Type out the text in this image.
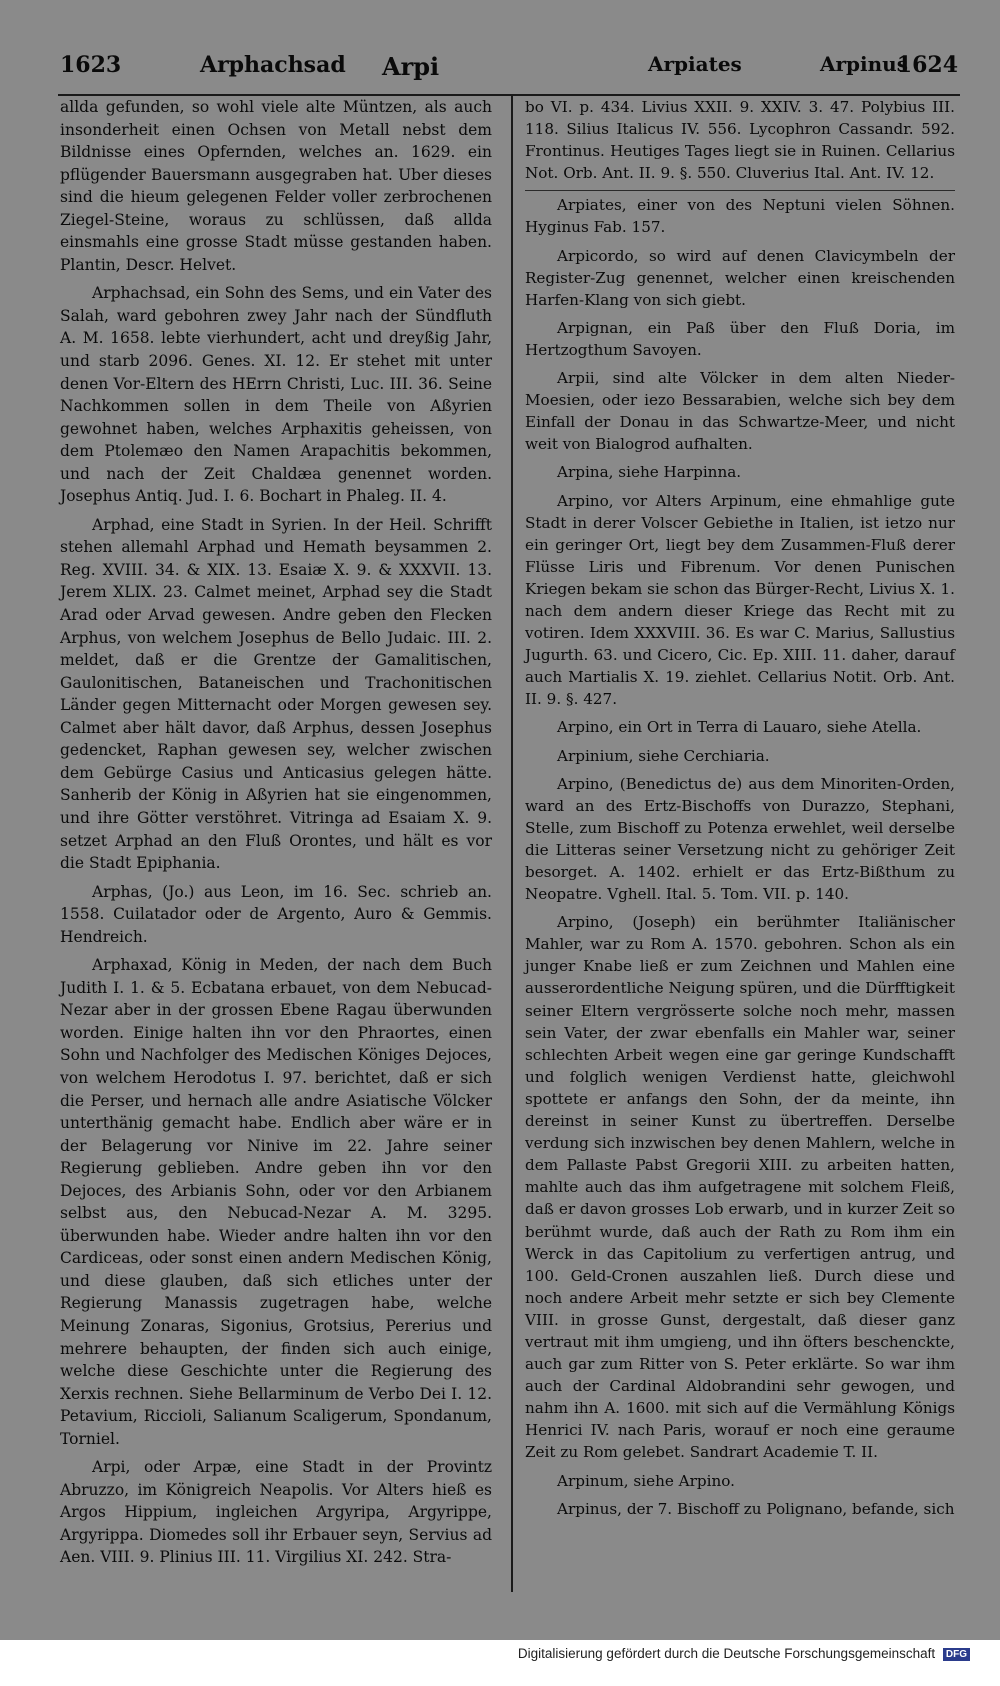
1623	Arphachsad Arpi	Arpiates	Arpinus
1624

allda gefunden, so wohl viele alte Müntzen, als auch insonderheit einen Ochsen von Metall nebst dem Bildnisse eines Opfernden, welches an. 1629. ein pflügender Bauersmann ausgegraben hat. Uber dieses sind die hieum gelegenen Felder voller zerbrochenen Ziegel-Steine, woraus zu schlüssen, daß allda einsmahls eine grosse Stadt müsse gestanden haben. Plantin, Descr. Helvet.

Arphachsad, ein Sohn des Sems, und ein Vater des Salah, ward gebohren zwey Jahr nach der Sündfluth A. M. 1658. lebte vierhundert, acht und dreyßig Jahr, und starb 2096. Genes. XI. 12. Er stehet mit unter denen Vor-Eltern des HErrn Christi, Luc. III. 36. Seine Nachkommen sollen in dem Theile von Aßyrien gewohnet haben, welches Arphaxitis geheissen, von dem Ptolemæo den Namen Arapachitis bekommen, und nach der Zeit Chaldæa genennet worden. Josephus Antiq. Jud. I. 6. Bochart in Phaleg. II. 4.

Arphad, eine Stadt in Syrien. In der Heil. Schrifft stehen allemahl Arphad und Hemath beysammen 2. Reg. XVIII. 34. & XIX. 13. Esaiæ X. 9. & XXXVII. 13. Jerem XLIX. 23. Calmet meinet, Arphad sey die Stadt Arad oder Arvad gewesen. Andre geben den Flecken Arphus, von welchem Josephus de Bello Judaic. III. 2. meldet, daß er die Grentze der Gamalitischen, Gaulonitischen, Bataneischen und Trachonitischen Länder gegen Mitternacht oder Morgen gewesen sey. Calmet aber hält davor, daß Arphus, dessen Josephus gedencket, Raphan gewesen sey, welcher zwischen dem Gebürge Casius und Anticasius gelegen hätte. Sanherib der König in Aßyrien hat sie eingenommen, und ihre Götter verstöhret. Vitringa ad Esaiam X. 9. setzet Arphad an den Fluß Orontes, und hält es vor die Stadt Epiphania.

Arphas, (Jo.) aus Leon, im 16. Sec. schrieb an. 1558. Cuilatador oder de Argento, Auro & Gemmis. Hendreich.

Arphaxad, König in Meden, der nach dem Buch Judith I. 1. & 5. Ecbatana erbauet, von dem Nebucad-Nezar aber in der grossen Ebene Ragau überwunden worden. Einige halten ihn vor den Phraortes, einen Sohn und Nachfolger des Medischen Königes Dejoces, von welchem Herodotus I. 97. berichtet, daß er sich die Perser, und hernach alle andre Asiatische Völcker unterthänig gemacht habe. Endlich aber wäre er in der Belagerung vor Ninive im 22. Jahre seiner Regierung geblieben. Andre geben ihn vor den Dejoces, des Arbianis Sohn, oder vor den Arbianem selbst aus, den Nebucad-Nezar A. M. 3295. überwunden habe. Wieder andre halten ihn vor den Cardiceas, oder sonst einen andern Medischen König, und diese glauben, daß sich etliches unter der Regierung Manassis zugetragen habe, welche Meinung Zonaras, Sigonius, Grotsius, Pererius und mehrere behaupten, der finden sich auch einige, welche diese Geschichte unter die Regierung des Xerxis rechnen. Siehe Bellarminum de Verbo Dei I. 12. Petavium, Riccioli, Salianum Scaligerum, Spondanum, Torniel.

Arpi, oder Arpæ, eine Stadt in der Provintz Abruzzo, im Königreich Neapolis. Vor Alters hieß es Argos Hippium, ingleichen Argyripa, Argyrippe, Argyrippa. Diomedes soll ihr Erbauer seyn, Servius ad Aen. VIII. 9. Plinius III. 11. Virgilius XI. 242. Stra-

bo VI. p. 434. Livius XXII. 9. XXIV. 3. 47. Polybius III. 118. Silius Italicus IV. 556. Lycophron Cassandr. 592. Frontinus. Heutiges Tages liegt sie in Ruinen. Cellarius Not. Orb. Ant. II. 9. §. 550. Cluverius Ital. Ant. IV. 12.

Arpiates, einer von des Neptuni vielen Söhnen. Hyginus Fab. 157.

Arpicordo, so wird auf denen Clavicymbeln der Register-Zug genennet, welcher einen kreischenden Harfen-Klang von sich giebt.

Arpignan, ein Paß über den Fluß Doria, im Hertzogthum Savoyen.

Arpii, sind alte Völcker in dem alten Nieder-Moesien, oder iezo Bessarabien, welche sich bey dem Einfall der Donau in das Schwartze-Meer, und nicht weit von Bialogrod aufhalten.

Arpina, siehe Harpinna.

Arpino, vor Alters Arpinum, eine ehmahlige gute Stadt in derer Volscer Gebiethe in Italien, ist ietzo nur ein geringer Ort, liegt bey dem Zusammen-Fluß derer Flüsse Liris und Fibrenum. Vor denen Punischen Kriegen bekam sie schon das Bürger-Recht, Livius X. 1. nach dem andern dieser Kriege das Recht mit zu votiren. Idem XXXVIII. 36. Es war C. Marius, Sallustius Jugurth. 63. und Cicero, Cic. Ep. XIII. 11. daher, darauf auch Martialis X. 19. ziehlet. Cellarius Notit. Orb. Ant. II. 9. §. 427.

Arpino, ein Ort in Terra di Lauaro, siehe Atella.

Arpinium, siehe Cerchiaria.

Arpino, (Benedictus de) aus dem Minoriten-Orden, ward an des Ertz-Bischoffs von Durazzo, Stephani, Stelle, zum Bischoff zu Potenza erwehlet, weil derselbe die Litteras seiner Versetzung nicht zu gehöriger Zeit besorget. A. 1402. erhielt er das Ertz-Bißthum zu Neopatre. Vghell. Ital. 5. Tom. VII. p. 140.

Arpino, (Joseph) ein berühmter Italiänischer Mahler, war zu Rom A. 1570. gebohren. Schon als ein junger Knabe ließ er zum Zeichnen und Mahlen eine ausserordentliche Neigung spüren, und die Dürfftigkeit seiner Eltern vergrösserte solche noch mehr, massen sein Vater, der zwar ebenfalls ein Mahler war, seiner schlechten Arbeit wegen eine gar geringe Kundschafft und folglich wenigen Verdienst hatte, gleichwohl spottete er anfangs den Sohn, der da meinte, ihn dereinst in seiner Kunst zu übertreffen. Derselbe verdung sich inzwischen bey denen Mahlern, welche in dem Pallaste Pabst Gregorii XIII. zu arbeiten hatten, mahlte auch das ihm aufgetragene mit solchem Fleiß, daß er davon grosses Lob erwarb, und in kurzer Zeit so berühmt wurde, daß auch der Rath zu Rom ihm ein Werck in das Capitolium zu verfertigen antrug, und 100. Geld-Cronen auszahlen ließ. Durch diese und noch andere Arbeit mehr setzte er sich bey Clemente VIII. in grosse Gunst, dergestalt, daß dieser ganz vertraut mit ihm umgieng, und ihn öfters beschenckte, auch gar zum Ritter von S. Peter erklärte. So war ihm auch der Cardinal Aldobrandini sehr gewogen, und nahm ihn A. 1600. mit sich auf die Vermählung Königs Henrici IV. nach Paris, worauf er noch eine geraume Zeit zu Rom gelebet. Sandrart Academie T. II.

Arpinum, siehe Arpino.

Arpinus, der 7. Bischoff zu Polignano, befande, sich

Digitalisierung gefördert durch die Deutsche Forschungsgemeinschaft DFG
